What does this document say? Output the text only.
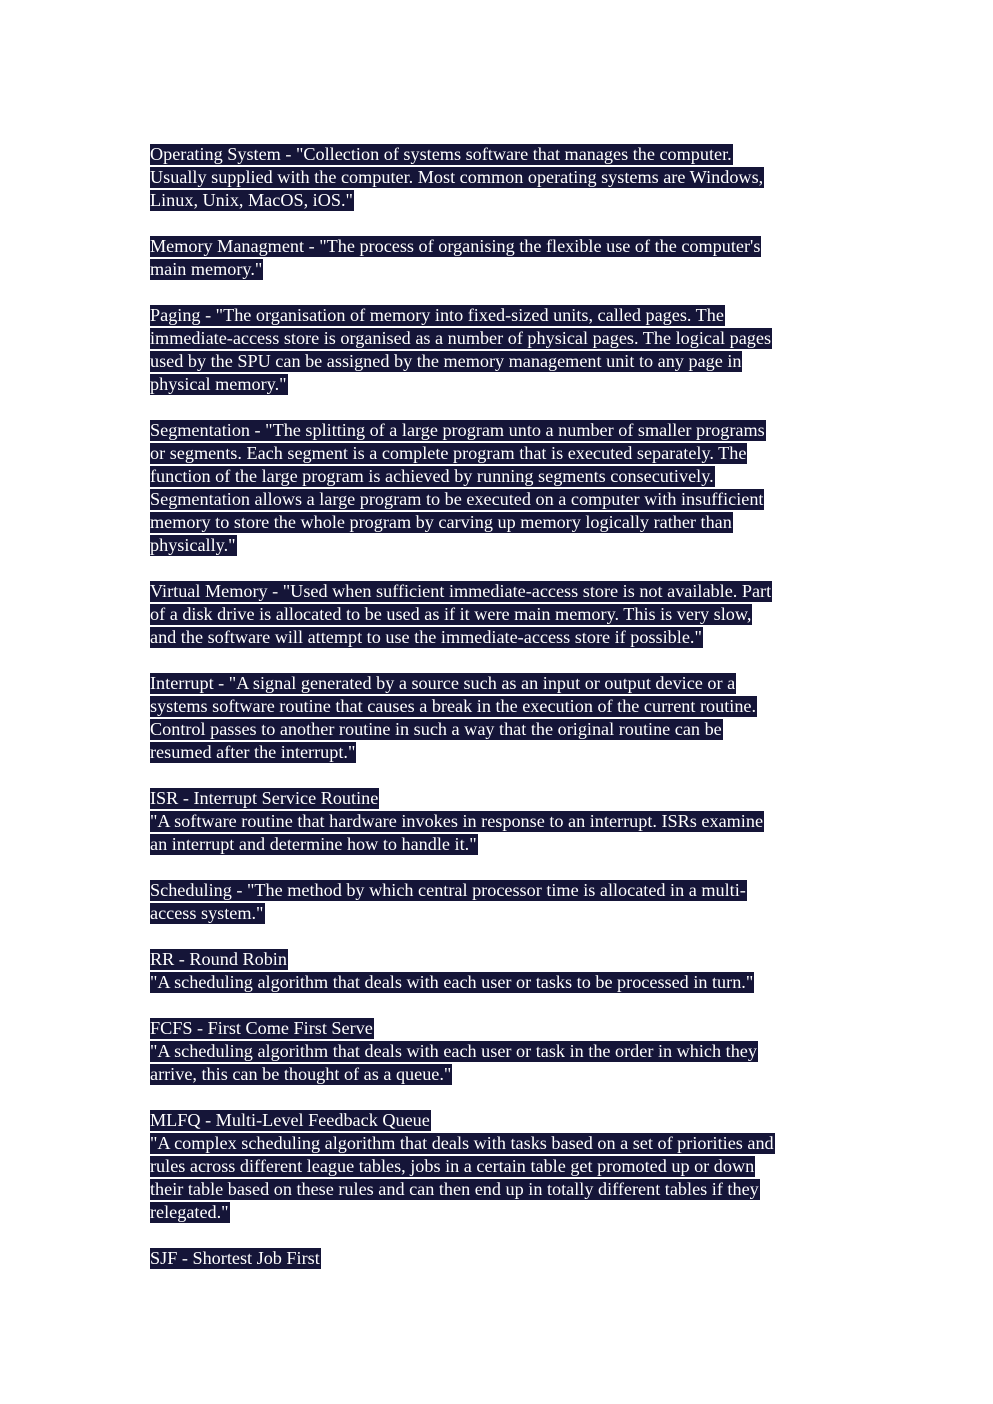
Operating System - "Collection of systems software that manages the computer.
Usually supplied with the computer. Most common operating systems are Windows,
Linux, Unix, MacOS, iOS."
Memory Managment - "The process of organising the flexible use of the computer's
main memory."
Paging - "The organisation of memory into fixed-sized units, called pages. The
immediate-access store is organised as a number of physical pages. The logical pages
used by the SPU can be assigned by the memory management unit to any page in
physical memory."
Segmentation - "The splitting of a large program unto a number of smaller programs
or segments. Each segment is a complete program that is executed separately. The
function of the large program is achieved by running segments consecutively.
Segmentation allows a large program to be executed on a computer with insufficient
memory to store the whole program by carving up memory logically rather than
physically."
Virtual Memory - "Used when sufficient immediate-access store is not available. Part
of a disk drive is allocated to be used as if it were main memory. This is very slow,
and the software will attempt to use the immediate-access store if possible."
Interrupt - "A signal generated by a source such as an input or output device or a
systems software routine that causes a break in the execution of the current routine.
Control passes to another routine in such a way that the original routine can be
resumed after the interrupt."
ISR - Interrupt Service Routine
"A software routine that hardware invokes in response to an interrupt. ISRs examine
an interrupt and determine how to handle it."
Scheduling - "The method by which central processor time is allocated in a multi-
access system."
RR - Round Robin
"A scheduling algorithm that deals with each user or tasks to be processed in turn."
FCFS - First Come First Serve
"A scheduling algorithm that deals with each user or task in the order in which they
arrive, this can be thought of as a queue."
MLFQ - Multi-Level Feedback Queue
"A complex scheduling algorithm that deals with tasks based on a set of priorities and
rules across different league tables, jobs in a certain table get promoted up or down
their table based on these rules and can then end up in totally different tables if they
relegated."
SJF - Shortest Job First
